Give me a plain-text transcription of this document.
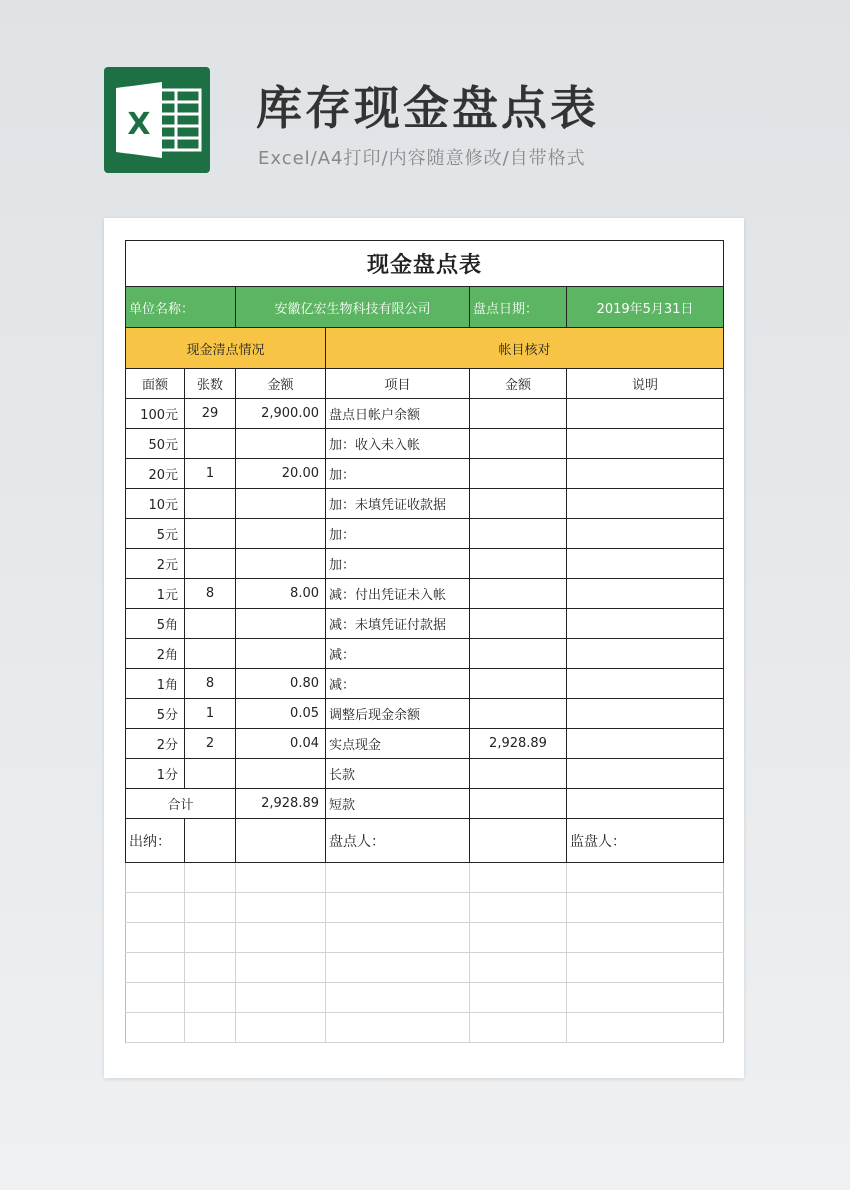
X 库存现金盘点表
Excel/A4打印/内容随意修改/自带格式
现金盘点表					
单位名称：		安徽亿宏生物科技有限公司		盘点日期：	2019年5月31日
现金清点情况			帐目核对		
面额	张数	金额	项目	金额	说明
100元	29	2,900.00	盘点日帐户余额		
50元			加：收入未入帐		
20元	1	20.00	加：		
10元			加：未填凭证收款据		
5元			加：		
2元			加：		
1元	8	8.00	减：付出凭证未入帐		
5角			减：未填凭证付款据		
2角			减：		
1角	8	0.80	减：		
5分	1	0.05	调整后现金余额		
2分	2	0.04	实点现金	2,928.89	
1分			长款		
合计		2,928.89	短款		
出纳：			盘点人：		监盘人：
